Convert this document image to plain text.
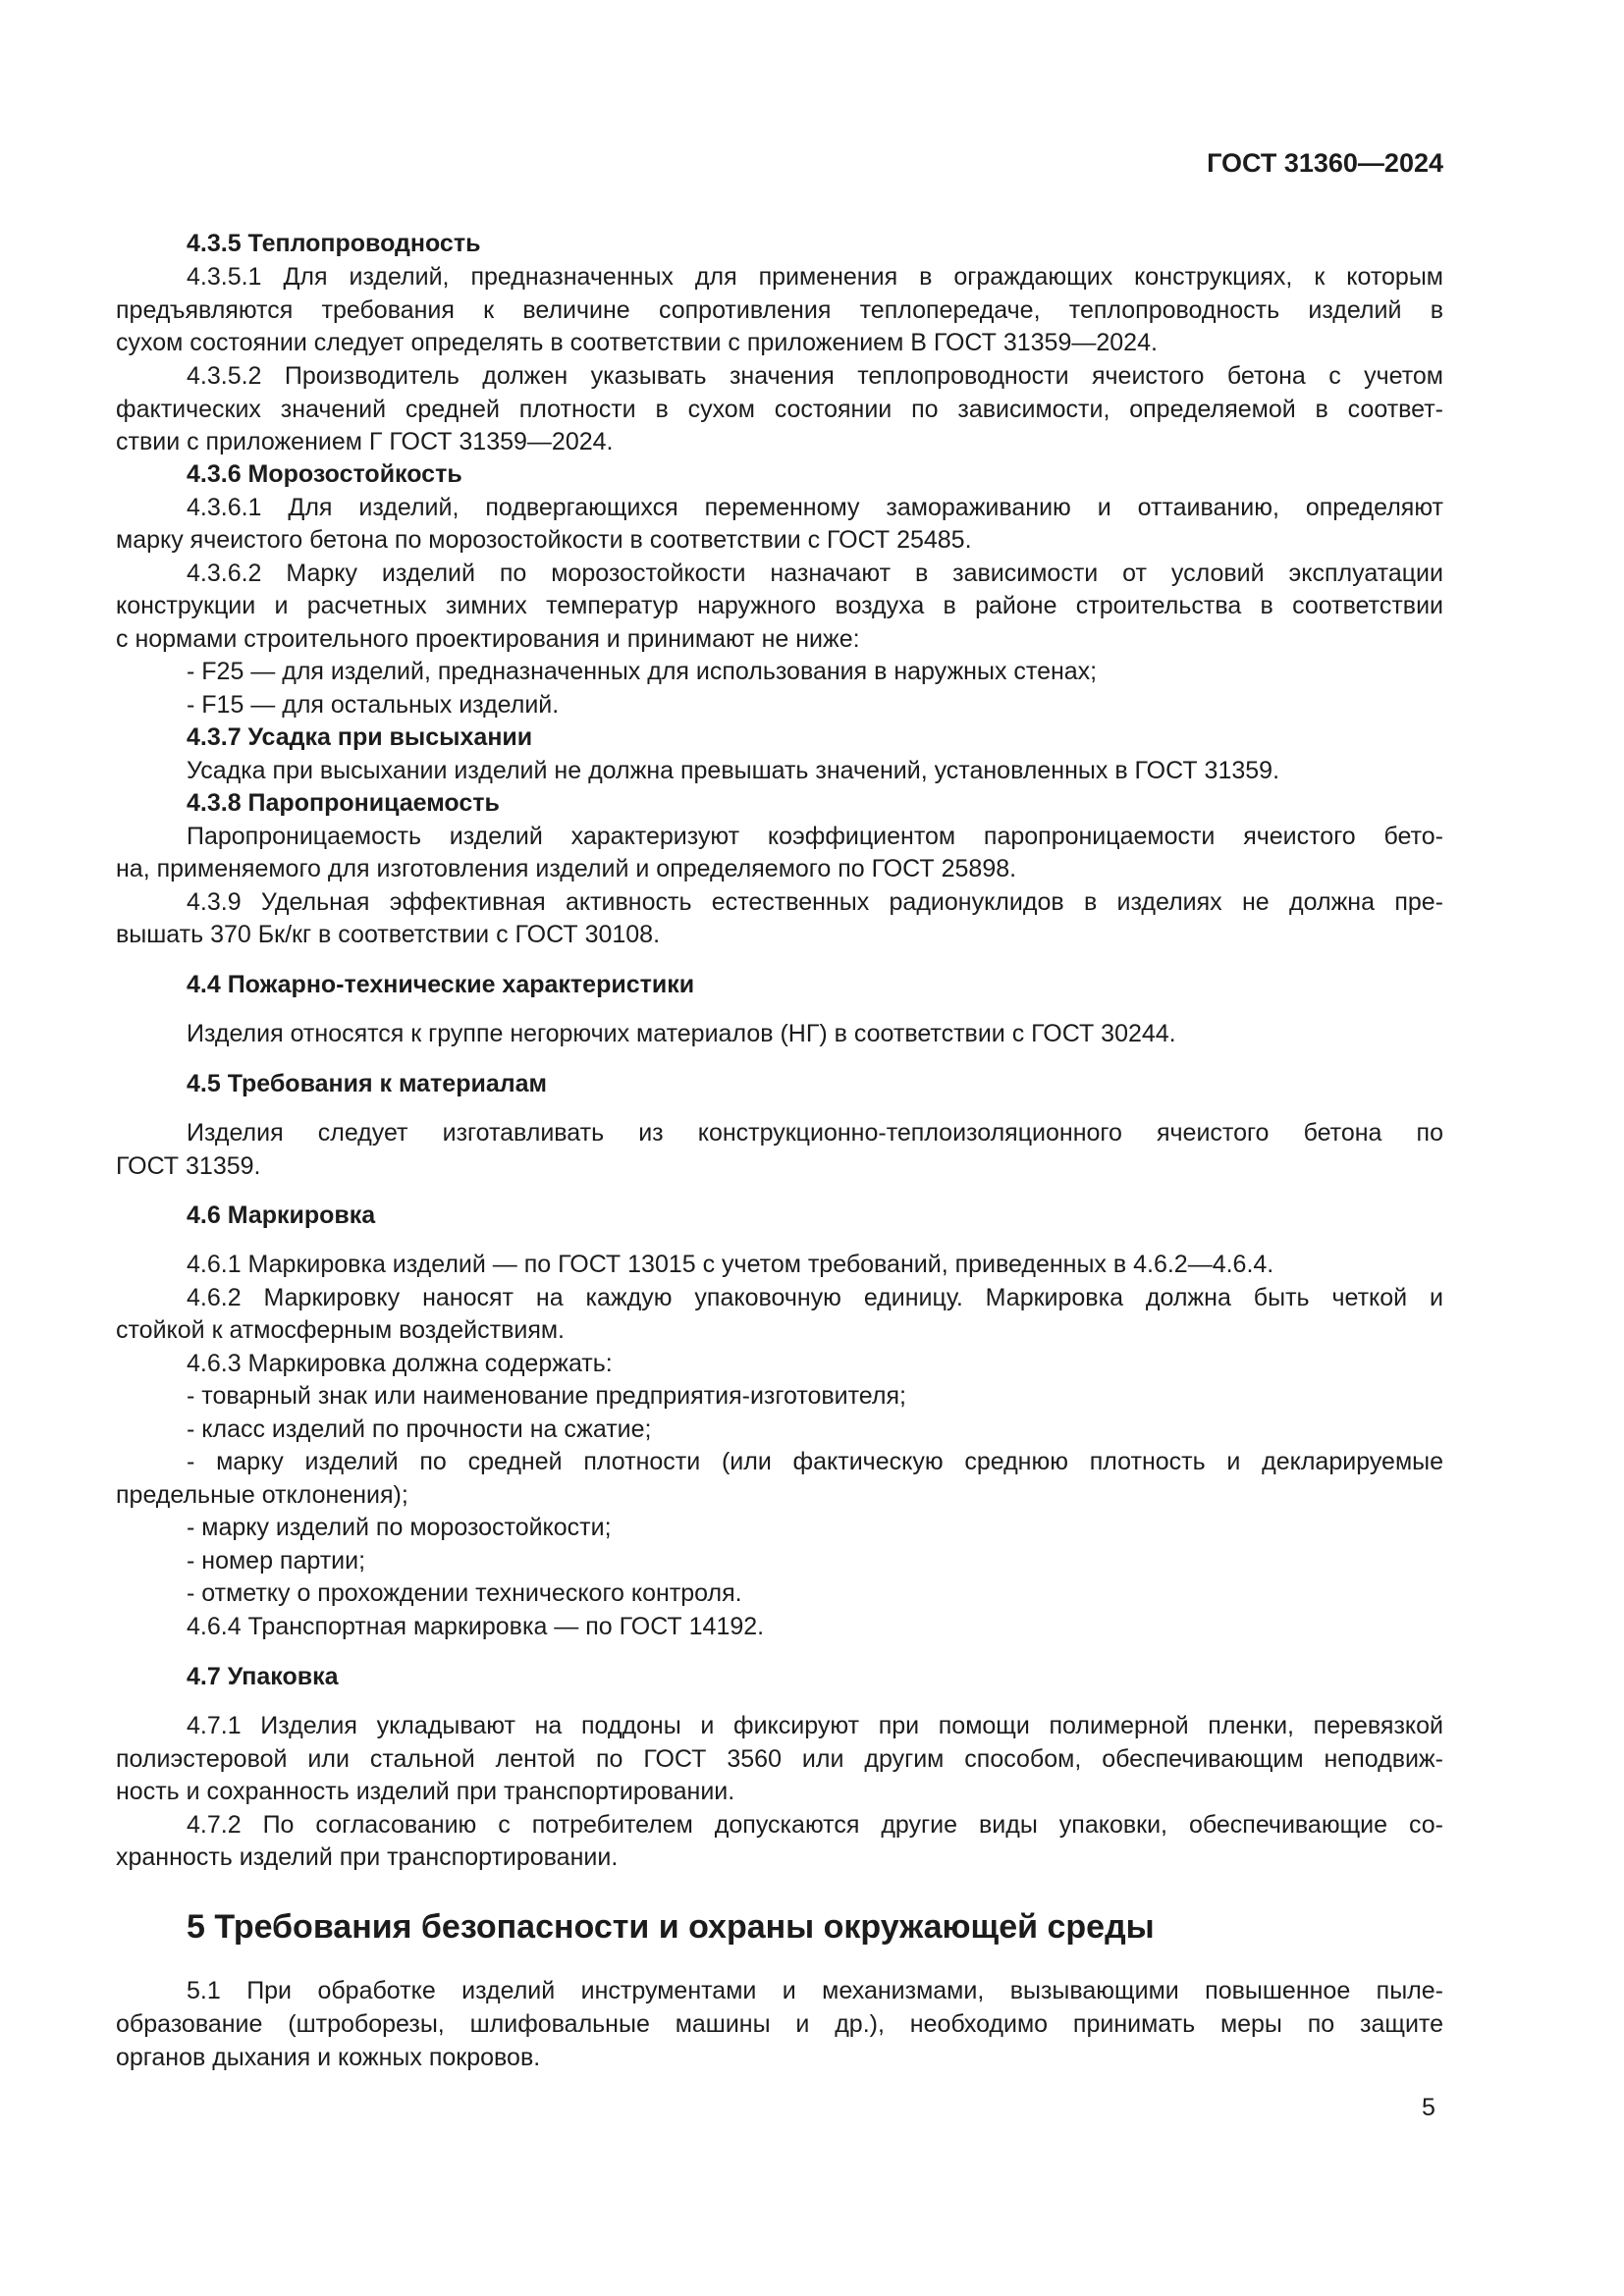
ГОСТ 31360—2024
4.3.5 Теплопроводность
4.3.5.1 Для изделий, предназначенных для применения в ограждающих конструкциях, к которым
предъявляются требования к величине сопротивления теплопередаче, теплопроводность изделий в
сухом состоянии следует определять в соответствии с приложением В ГОСТ 31359—2024.
4.3.5.2 Производитель должен указывать значения теплопроводности ячеистого бетона с учетом
фактических значений средней плотности в сухом состоянии по зависимости, определяемой в соответ-
ствии с приложением Г ГОСТ 31359—2024.
4.3.6 Морозостойкость
4.3.6.1 Для изделий, подвергающихся переменному замораживанию и оттаиванию, определяют
марку ячеистого бетона по морозостойкости в соответствии с ГОСТ 25485.
4.3.6.2 Марку изделий по морозостойкости назначают в зависимости от условий эксплуатации
конструкции и расчетных зимних температур наружного воздуха в районе строительства в соответствии
с нормами строительного проектирования и принимают не ниже:
- F25 — для изделий, предназначенных для использования в наружных стенах;
- F15 — для остальных изделий.
4.3.7 Усадка при высыхании
Усадка при высыхании изделий не должна превышать значений, установленных в ГОСТ 31359.
4.3.8 Паропроницаемость
Паропроницаемость изделий характеризуют коэффициентом паропроницаемости ячеистого бето-
на, применяемого для изготовления изделий и определяемого по ГОСТ 25898.
4.3.9 Удельная эффективная активность естественных радионуклидов в изделиях не должна пре-
вышать 370 Бк/кг в соответствии с ГОСТ 30108.
4.4 Пожарно-технические характеристики
Изделия относятся к группе негорючих материалов (НГ) в соответствии с ГОСТ 30244.
4.5 Требования к материалам
Изделия следует изготавливать из конструкционно-теплоизоляционного ячеистого бетона по
ГОСТ 31359.
4.6 Маркировка
4.6.1 Маркировка изделий — по ГОСТ 13015 с учетом требований, приведенных в 4.6.2—4.6.4.
4.6.2 Маркировку наносят на каждую упаковочную единицу. Маркировка должна быть четкой и
стойкой к атмосферным воздействиям.
4.6.3 Маркировка должна содержать:
- товарный знак или наименование предприятия-изготовителя;
- класс изделий по прочности на сжатие;
- марку изделий по средней плотности (или фактическую среднюю плотность и декларируемые
предельные отклонения);
- марку изделий по морозостойкости;
- номер партии;
- отметку о прохождении технического контроля.
4.6.4 Транспортная маркировка — по ГОСТ 14192.
4.7 Упаковка
4.7.1 Изделия укладывают на поддоны и фиксируют при помощи полимерной пленки, перевязкой
полиэстеровой или стальной лентой по ГОСТ 3560 или другим способом, обеспечивающим неподвиж-
ность и сохранность изделий при транспортировании.
4.7.2 По согласованию с потребителем допускаются другие виды упаковки, обеспечивающие со-
хранность изделий при транспортировании.
5 Требования безопасности и охраны окружающей среды
5.1 При обработке изделий инструментами и механизмами, вызывающими повышенное пыле-
образование (штроборезы, шлифовальные машины и др.), необходимо принимать меры по защите
органов дыхания и кожных покровов.
5
